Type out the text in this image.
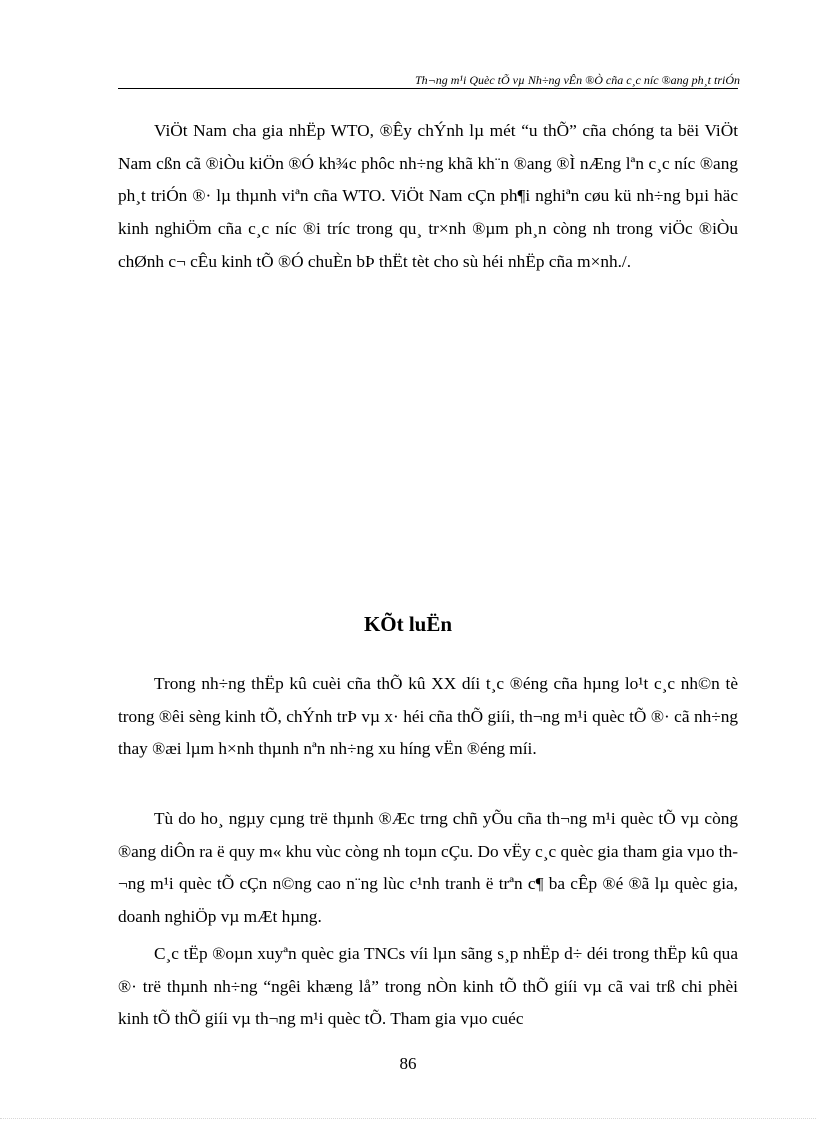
Th¬ng m¹i Quèc tÕ vµ Nh÷ng vÊn ®Ò cña c¸c níc ®ang ph¸t triÓn

ViÖt Nam cha gia nhËp WTO, ®Êy chÝnh lµ mét “u thÕ” cña chóng ta bëi ViÖt Nam cßn cã ®iÒu kiÖn ®Ó kh¾c phôc nh÷ng khã kh¨n ®ang ®Ì nÆng lªn c¸c níc ®ang ph¸t triÓn ®· lµ thµnh viªn cña WTO. ViÖt Nam cÇn ph¶i nghiªn cøu kü nh÷ng bµi häc kinh nghiÖm cña c¸c níc ®i tríc trong qu¸ tr×nh ®µm ph¸n còng nh trong viÖc ®iÒu chØnh c¬ cÊu kinh tÕ ®Ó chuÈn bÞ thËt tèt cho sù héi nhËp cña m×nh./.

KÕt luËn

Trong nh÷ng thËp kû cuèi cña thÕ kû XX díi t¸c ®éng cña hµng lo¹t c¸c nh©n tè trong ®êi sèng kinh tÕ, chÝnh trÞ vµ x· héi cña thÕ giíi, th¬ng m¹i quèc tÕ ®· cã nh÷ng thay ®æi lµm h×nh thµnh nªn nh÷ng xu híng vËn ®éng míi.

Tù do ho¸ ngµy cµng trë thµnh ®Æc trng chñ yÕu cña th¬ng m¹i quèc tÕ vµ còng ®ang diÔn ra ë quy m« khu vùc còng nh toµn cÇu. Do vËy c¸c quèc gia tham gia vµo th¬ng m¹i quèc tÕ cÇn n©ng cao n¨ng lùc c¹nh tranh ë trªn c¶ ba cÊp ®é ®ã lµ quèc gia, doanh nghiÖp vµ mÆt hµng.

C¸c tËp ®oµn xuyªn quèc gia TNCs víi lµn sãng s¸p nhËp d÷ déi trong thËp kû qua ®· trë thµnh nh÷ng “ngêi khæng lå” trong nÒn kinh tÕ thÕ giíi vµ cã vai trß chi phèi kinh tÕ thÕ giíi vµ th¬ng m¹i quèc tÕ. Tham gia vµo cuéc

86
